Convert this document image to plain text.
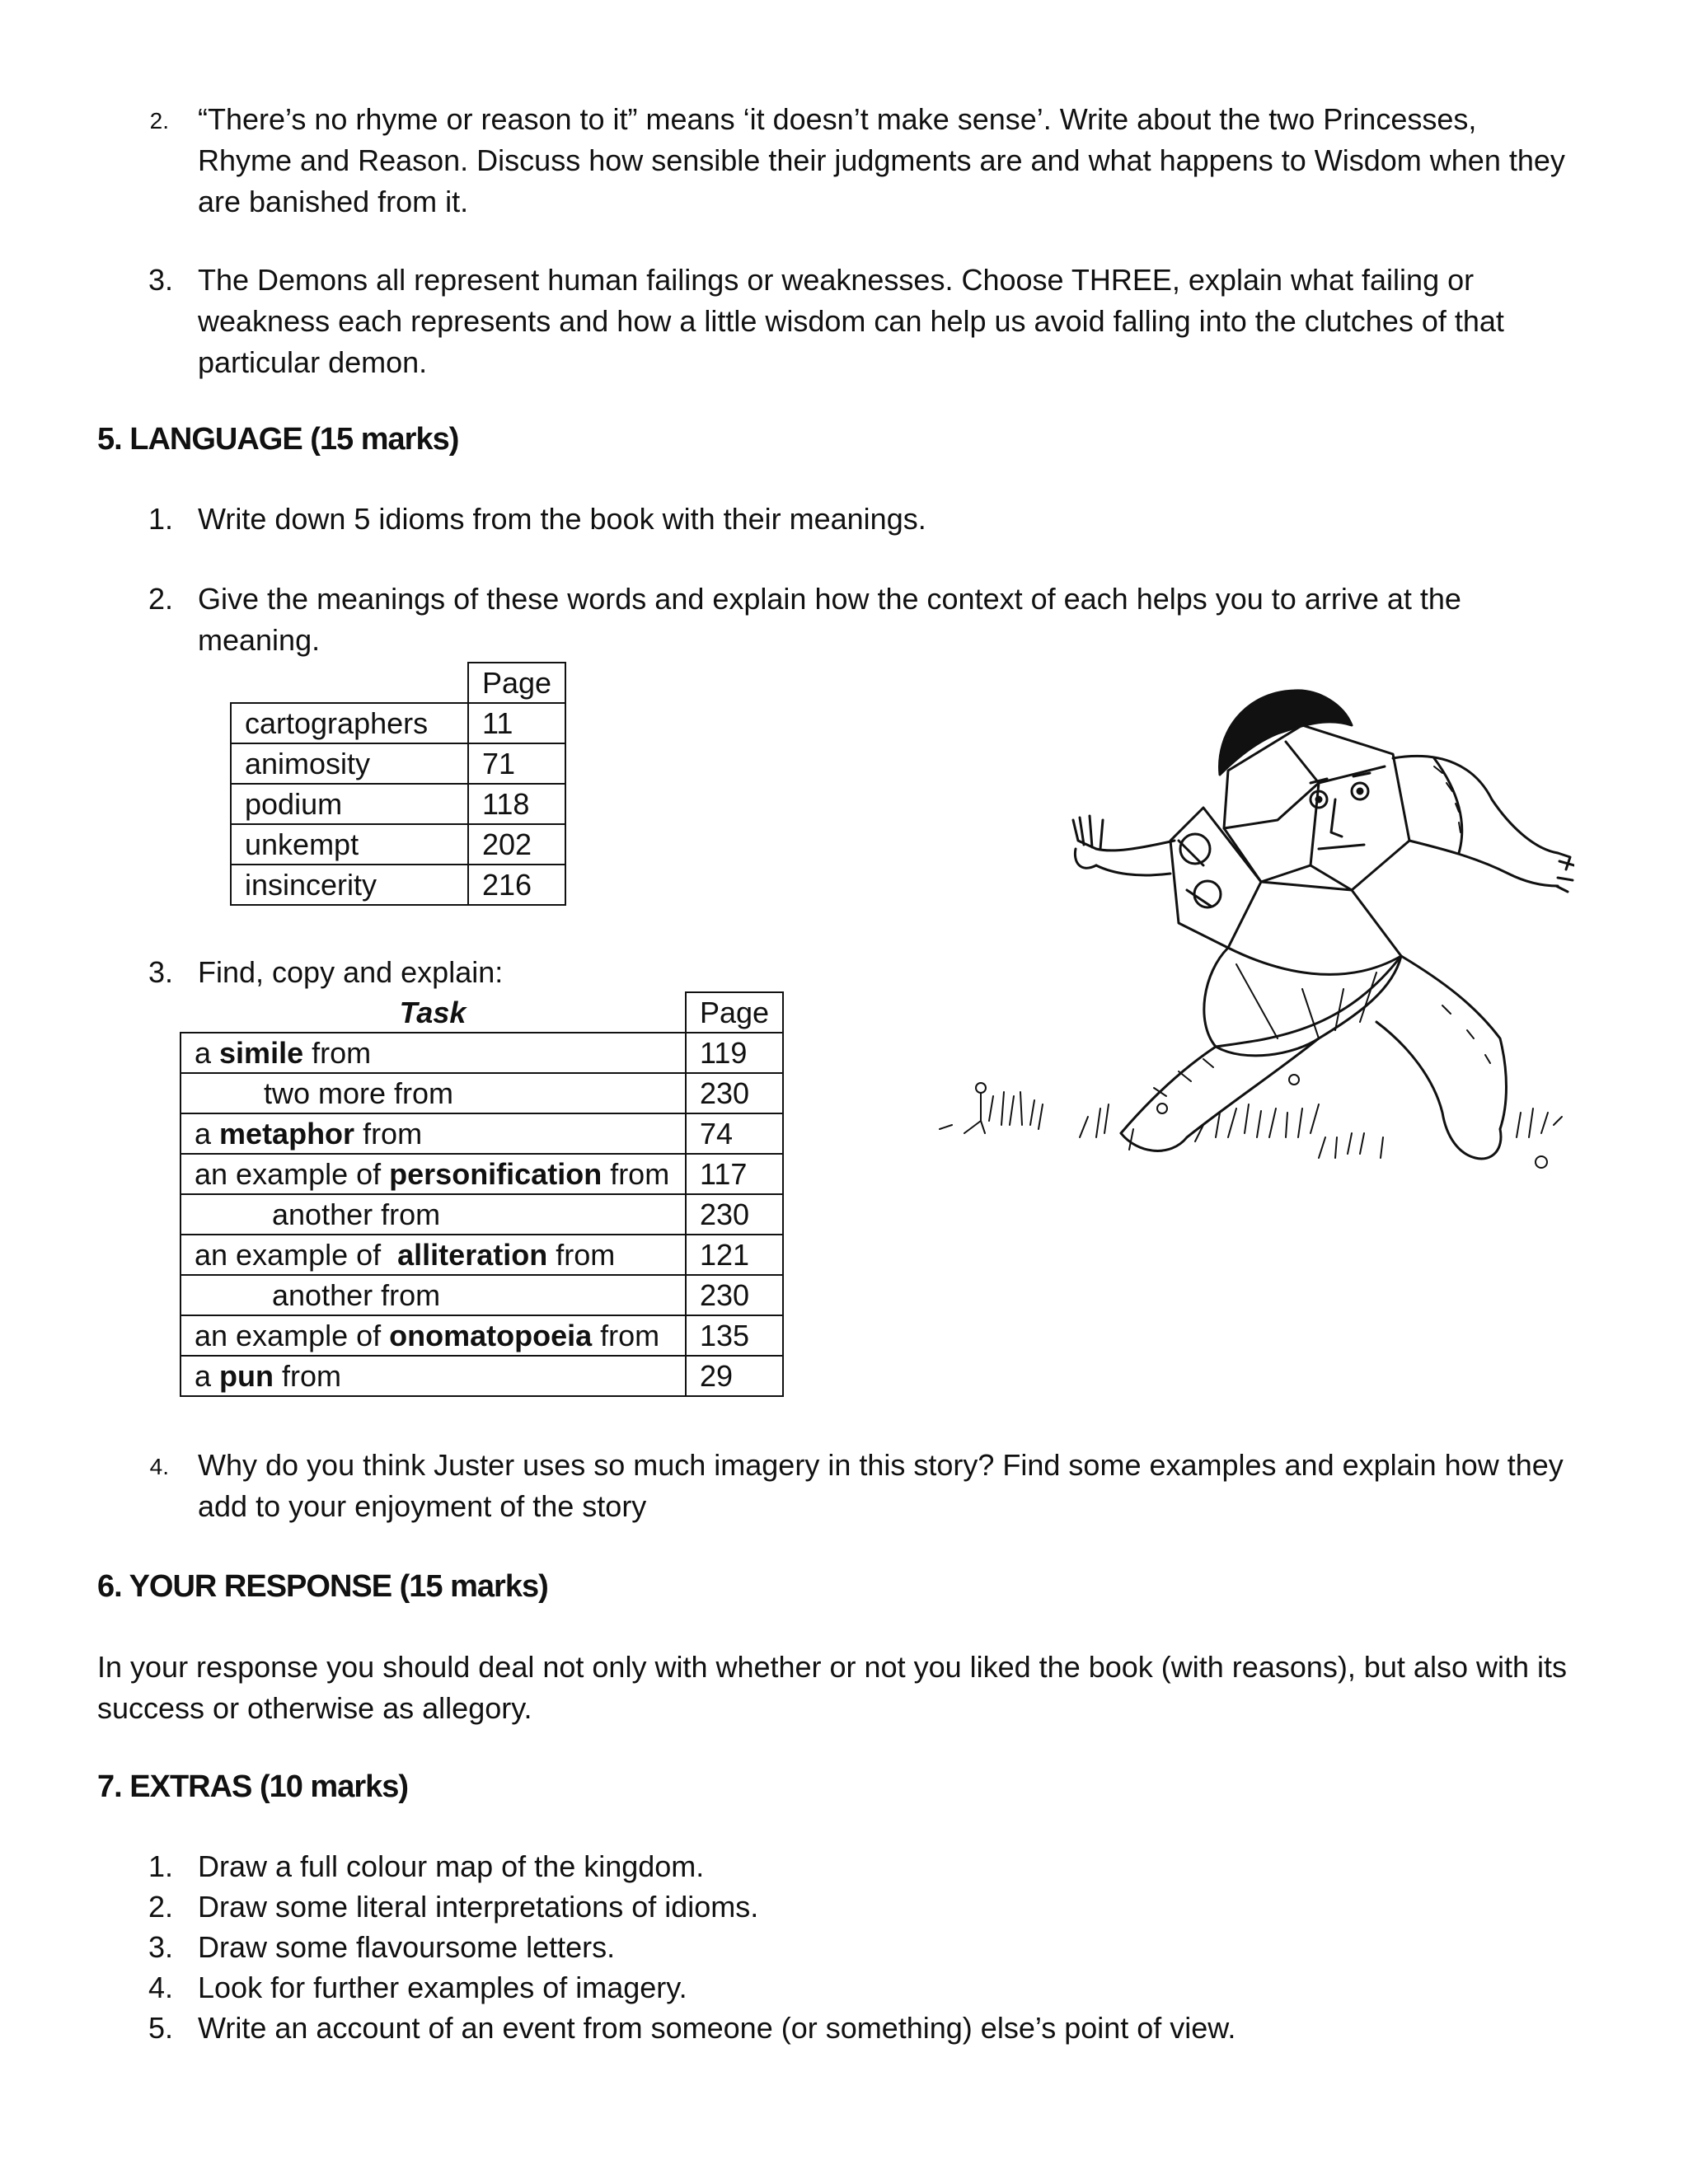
2. “There’s no rhyme or reason to it” means ‘it doesn’t make sense’. Write about the two Princesses, Rhyme and Reason. Discuss how sensible their judgments are and what happens to Wisdom when they are banished from it.
3. The Demons all represent human failings or weaknesses. Choose THREE, explain what failing or weakness each represents and how a little wisdom can help us avoid falling into the clutches of that particular demon.
5. LANGUAGE (15 marks)
1. Write down 5 idioms from the book with their meanings.
2. Give the meanings of these words and explain how the context of each helps you to arrive at the meaning.
	Page
cartographers	11
animosity	71
podium	118
unkempt	202
insincerity	216
3. Find, copy and explain:
Task	Page
a simile from	119
two more from	230
a metaphor from	74
an example of personification from	117
another from	230
an example of  alliteration from	121
another from	230
an example of onomatopoeia from	135
a pun from	29
4. Why do you think Juster uses so much imagery in this story? Find some examples and explain how they add to your enjoyment of the story
6. YOUR RESPONSE (15 marks)
In your response you should deal not only with whether or not you liked the book (with reasons), but also with its success or otherwise as allegory.
7. EXTRAS (10 marks)
1. Draw a full colour map of the kingdom.
2. Draw some literal interpretations of idioms.
3. Draw some flavoursome letters.
4. Look for further examples of imagery.
5. Write an account of an event from someone (or something) else’s point of view.
